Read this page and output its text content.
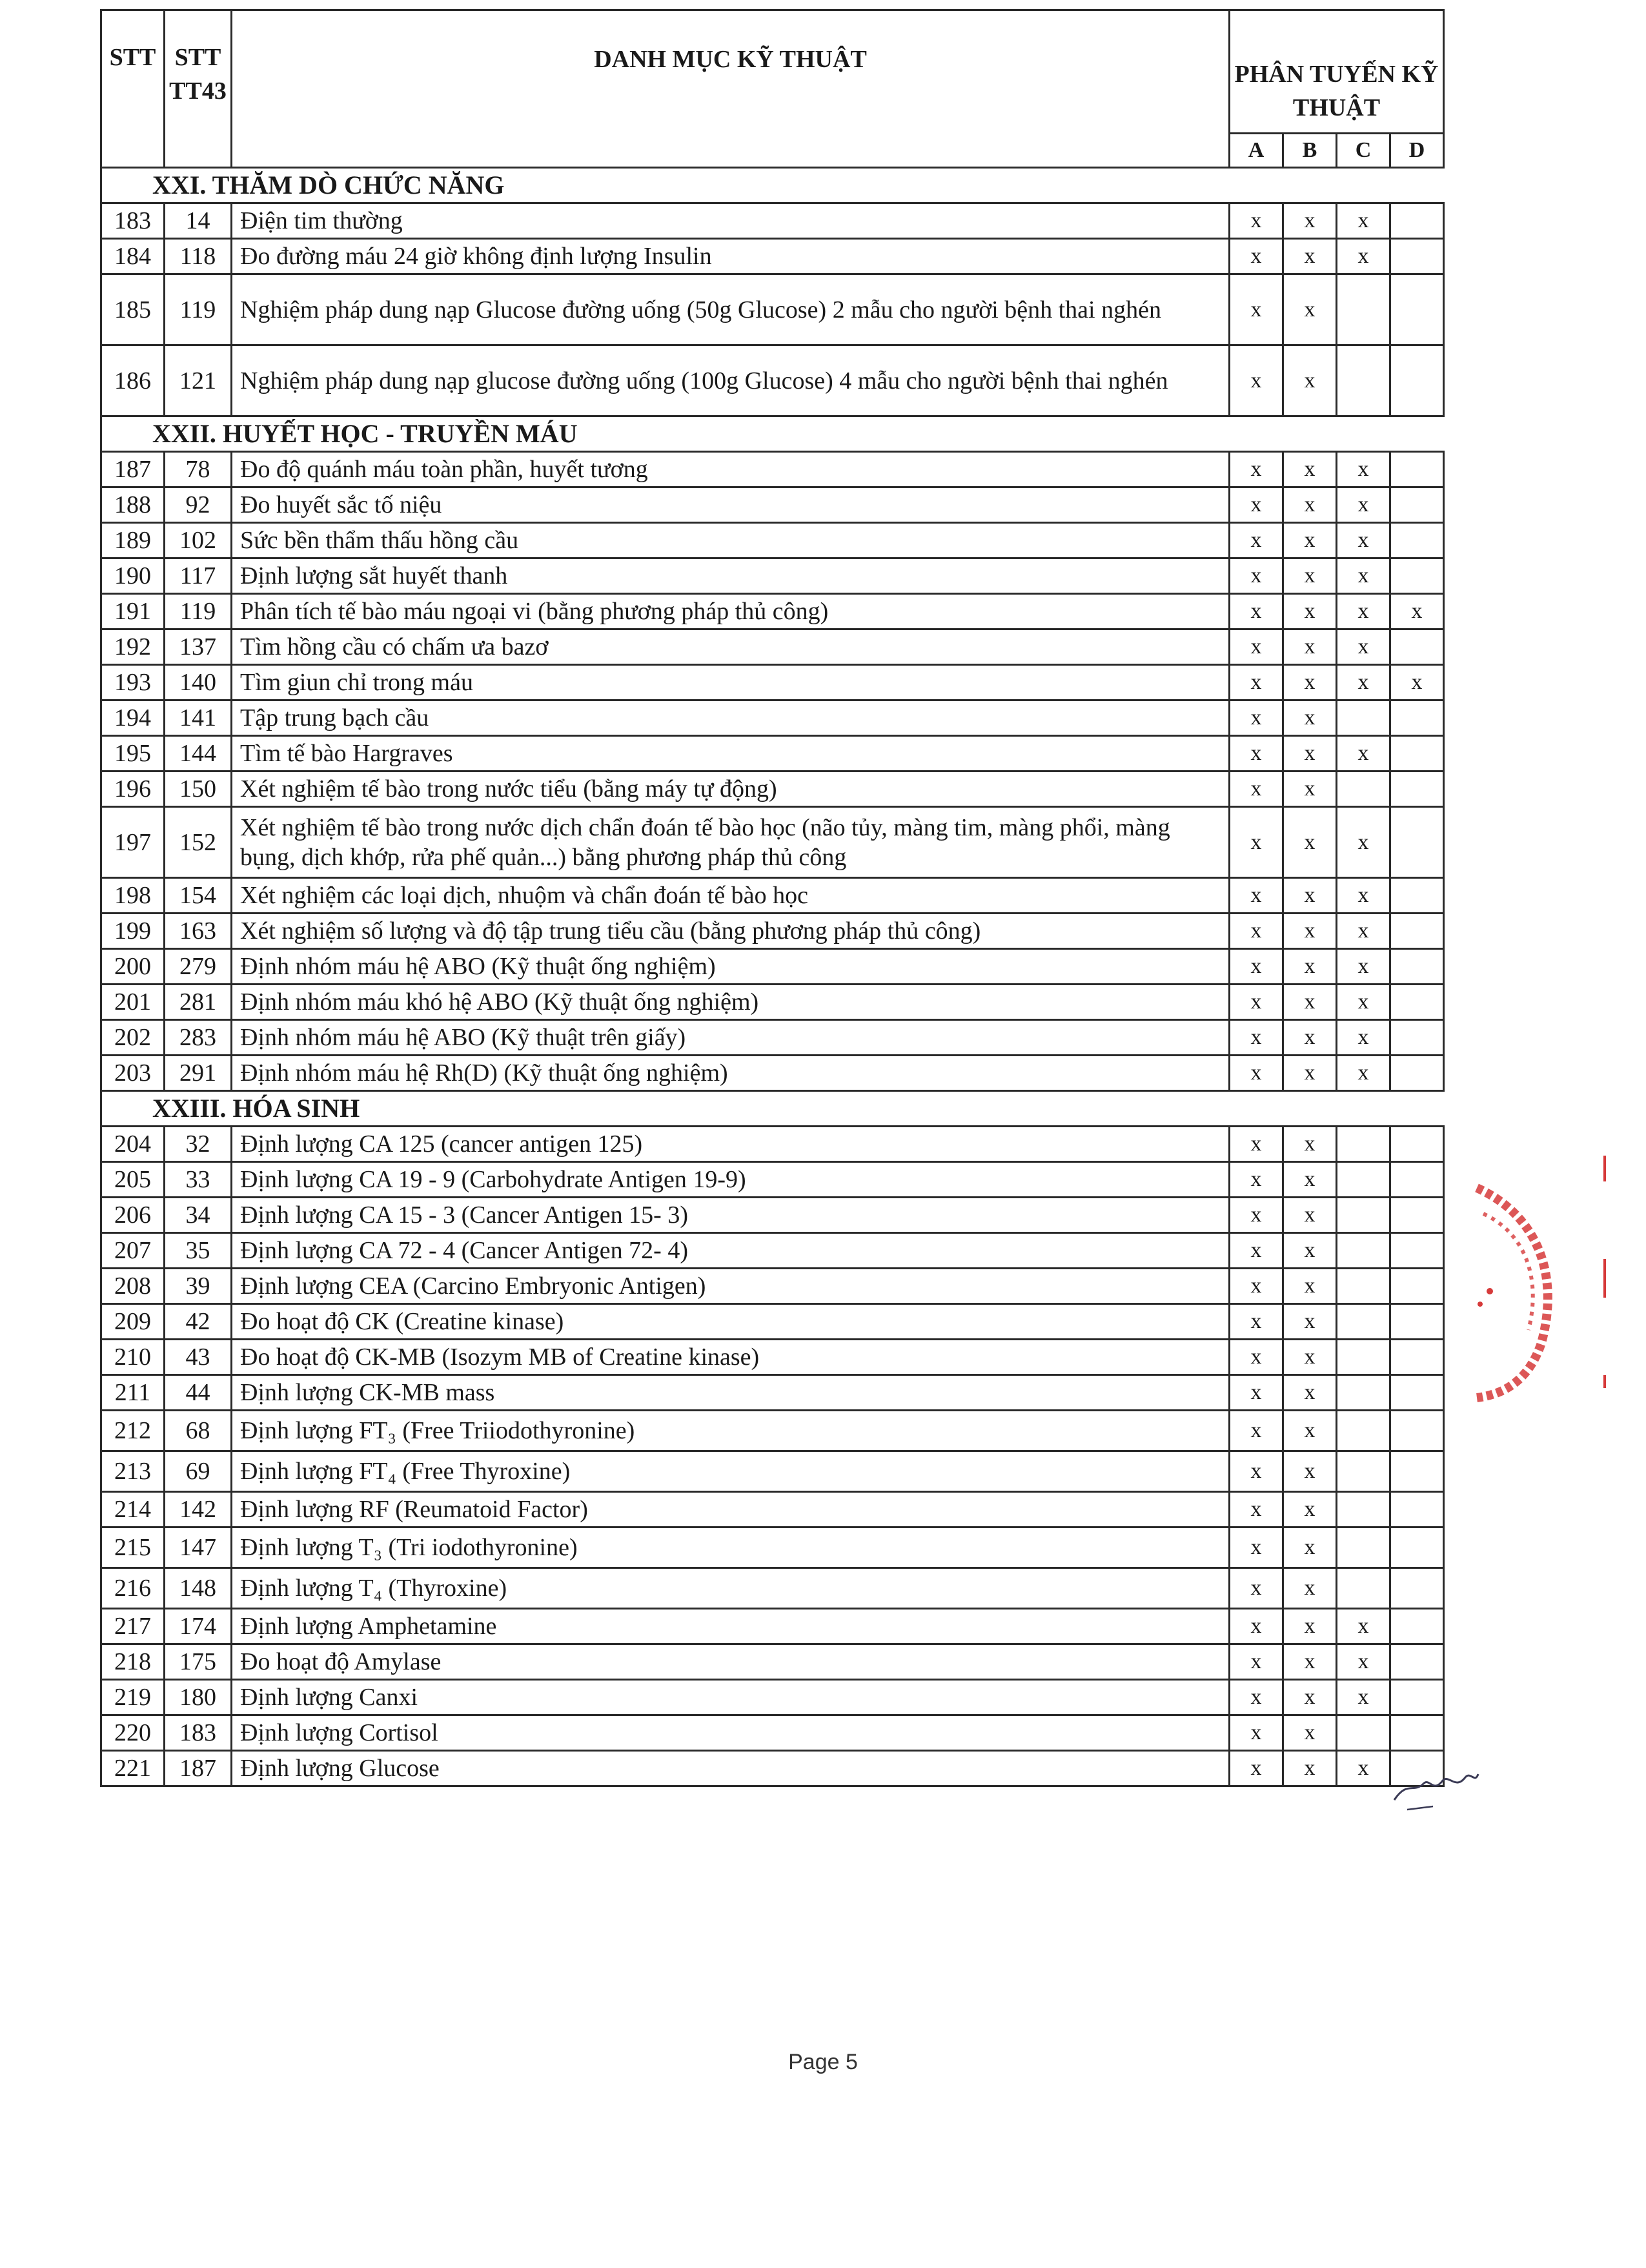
STT	STT TT43	DANH MỤC KỸ THUẬT	PHÂN TUYẾN KỸ THUẬT			
			A	B	C	D
XXI. THĂM DÒ CHỨC NĂNG						
183	14	Điện tim thường	x	x	x	
184	118	Đo đường máu 24 giờ không định lượng Insulin	x	x	x	
185	119	Nghiệm pháp dung nạp Glucose đường uống (50g Glucose) 2 mẫu cho người bệnh thai nghén	x	x		
186	121	Nghiệm pháp dung nạp glucose đường uống (100g Glucose) 4 mẫu cho người bệnh thai nghén	x	x		
XXII. HUYẾT HỌC - TRUYỀN MÁU						
187	78	Đo độ quánh máu toàn phần, huyết tương	x	x	x	
188	92	Đo huyết sắc tố niệu	x	x	x	
189	102	Sức bền thẩm thấu hồng cầu	x	x	x	
190	117	Định lượng sắt huyết thanh	x	x	x	
191	119	Phân tích tế bào máu ngoại vi (bằng phương pháp thủ công)	x	x	x	x
192	137	Tìm hồng cầu có chấm ưa bazơ	x	x	x	
193	140	Tìm giun chỉ trong máu	x	x	x	x
194	141	Tập trung bạch cầu	x	x		
195	144	Tìm tế bào Hargraves	x	x	x	
196	150	Xét nghiệm tế bào trong nước tiểu (bằng máy tự động)	x	x		
197	152	Xét nghiệm tế bào trong nước dịch chẩn đoán tế bào học (não tủy, màng tim, màng phổi, màng bụng, dịch khớp, rửa phế quản...) bằng phương pháp thủ công	x	x	x	
198	154	Xét nghiệm các loại dịch, nhuộm và chẩn đoán tế bào học	x	x	x	
199	163	Xét nghiệm số lượng và độ tập trung tiểu cầu (bằng phương pháp thủ công)	x	x	x	
200	279	Định nhóm máu hệ ABO (Kỹ thuật ống nghiệm)	x	x	x	
201	281	Định nhóm máu khó hệ ABO (Kỹ thuật ống nghiệm)	x	x	x	
202	283	Định nhóm máu hệ ABO (Kỹ thuật trên giấy)	x	x	x	
203	291	Định nhóm máu hệ Rh(D) (Kỹ thuật ống nghiệm)	x	x	x	
XXIII. HÓA SINH						
204	32	Định lượng CA 125 (cancer antigen 125)	x	x		
205	33	Định lượng CA 19 - 9 (Carbohydrate Antigen 19-9)	x	x		
206	34	Định lượng CA 15 - 3 (Cancer Antigen 15- 3)	x	x		
207	35	Định lượng CA 72 - 4 (Cancer Antigen 72- 4)	x	x		
208	39	Định lượng CEA (Carcino Embryonic Antigen)	x	x		
209	42	Đo hoạt độ CK (Creatine kinase)	x	x		
210	43	Đo hoạt độ CK-MB (Isozym MB of Creatine kinase)	x	x		
211	44	Định lượng CK-MB mass	x	x		
212	68	Định lượng FT₃ (Free Triiodothyronine)	x	x		
213	69	Định lượng FT₄ (Free Thyroxine)	x	x		
214	142	Định lượng RF (Reumatoid Factor)	x	x		
215	147	Định lượng T₃ (Tri iodothyronine)	x	x		
216	148	Định lượng T₄ (Thyroxine)	x	x		
217	174	Định lượng Amphetamine	x	x	x	
218	175	Đo hoạt độ Amylase	x	x	x	
219	180	Định lượng Canxi	x	x	x	
220	183	Định lượng Cortisol	x	x		
221	187	Định lượng Glucose	x	x	x	
Page 5
